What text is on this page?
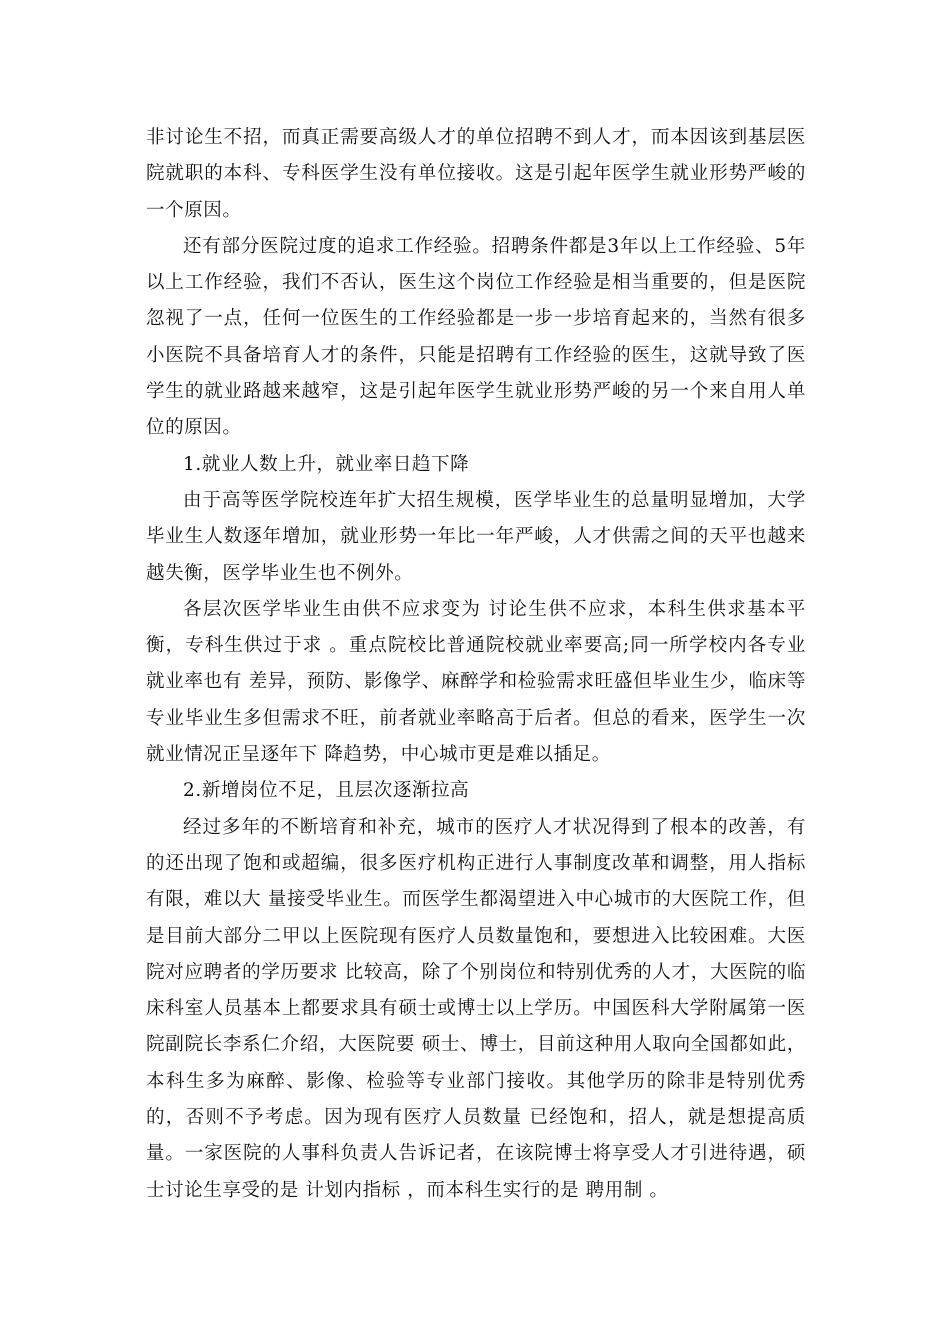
非讨论生不招，而真正需要高级人才的单位招聘不到人才，而本因该到基层医院就职的本科、专科医学生没有单位接收。这是引起年医学生就业形势严峻的一个原因。

还有部分医院过度的追求工作经验。招聘条件都是3年以上工作经验、5年以上工作经验，我们不否认，医生这个岗位工作经验是相当重要的，但是医院忽视了一点，任何一位医生的工作经验都是一步一步培育起来的，当然有很多小医院不具备培育人才的条件，只能是招聘有工作经验的医生，这就导致了医学生的就业路越来越窄，这是引起年医学生就业形势严峻的另一个来自用人单位的原因。

1.就业人数上升，就业率日趋下降

由于高等医学院校连年扩大招生规模，医学毕业生的总量明显增加，大学毕业生人数逐年增加，就业形势一年比一年严峻，人才供需之间的天平也越来越失衡，医学毕业生也不例外。

各层次医学毕业生由供不应求变为 讨论生供不应求，本科生供求基本平衡，专科生供过于求 。重点院校比普通院校就业率要高;同一所学校内各专业就业率也有 差异，预防、影像学、麻醉学和检验需求旺盛但毕业生少，临床等专业毕业生多但需求不旺，前者就业率略高于后者。但总的看来，医学生一次就业情况正呈逐年下 降趋势，中心城市更是难以插足。

2.新增岗位不足，且层次逐渐拉高

经过多年的不断培育和补充，城市的医疗人才状况得到了根本的改善，有的还出现了饱和或超编，很多医疗机构正进行人事制度改革和调整，用人指标有限，难以大 量接受毕业生。而医学生都渴望进入中心城市的大医院工作，但是目前大部分二甲以上医院现有医疗人员数量饱和，要想进入比较困难。大医院对应聘者的学历要求 比较高，除了个别岗位和特别优秀的人才，大医院的临床科室人员基本上都要求具有硕士或博士以上学历。中国医科大学附属第一医院副院长李系仁介绍，大医院要 硕士、博士，目前这种用人取向全国都如此，本科生多为麻醉、影像、检验等专业部门接收。其他学历的除非是特别优秀的，否则不予考虑。因为现有医疗人员数量 已经饱和，招人，就是想提高质量。一家医院的人事科负责人告诉记者，在该院博士将享受人才引进待遇，硕士讨论生享受的是 计划内指标 ，而本科生实行的是 聘用制 。
